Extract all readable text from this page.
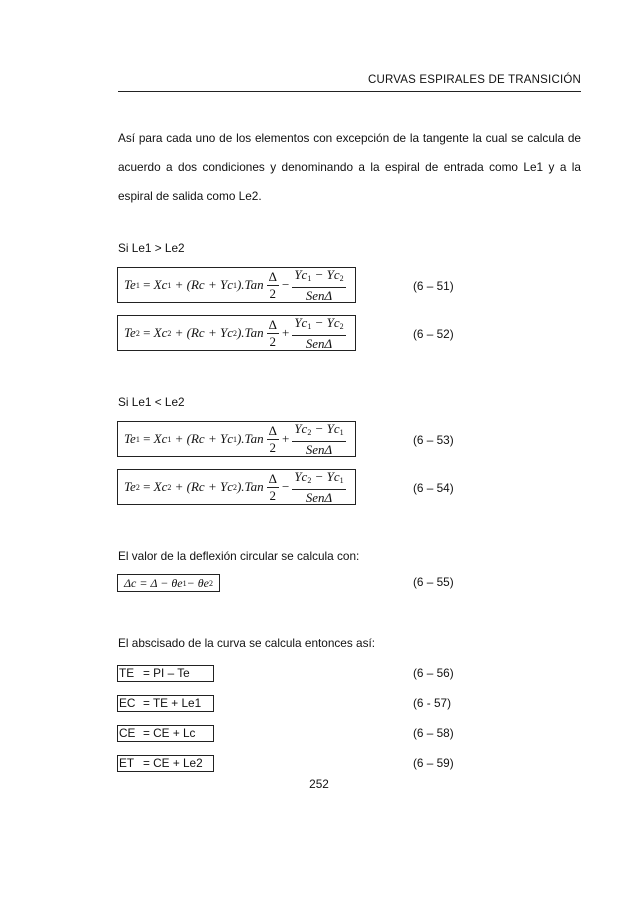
CURVAS ESPIRALES DE TRANSICIÓN
Así para cada uno de los elementos con excepción de la tangente la cual se calcula de acuerdo a dos condiciones y denominando a la espiral de entrada como Le1 y a la espiral de salida como Le2.
Si Le1 > Le2
Te 1 = Xc 1
+ (Rc + Yc 1 )$.Tan \frac{\Delta}{2} - \frac{Yc_1 - Yc_2}{\text{SenΔ}}$	(6 – 51)
Te 2 = Xc 2
+ (Rc + Yc 2 )$.Tan \frac{\Delta}{2} + \frac{Yc_1 - Yc_2}{\text{SenΔ}}$	(6 – 52)
Si Le1 < Le2
Te 1 = Xc 1
+ (Rc + Yc 1 )$.Tan \frac{\Delta}{2} + \frac{Yc_2 - Yc_1}{\text{SenΔ}}$	(6 – 53)
Te 2 = Xc 2
+ (Rc + Yc 2 )$.Tan \frac{\Delta}{2} - \frac{Yc_2 - Yc_1}{\text{SenΔ}}$	(6 – 54)
El valor de la deflexión circular se calcula con:
Δc = Δ − θe 1 − θe 2	(6 – 55)
El abscisado de la curva se calcula entonces así:
TE = PI – Te	(6 – 56)
EC = TE + Le1	(6 - 57)
CE = CE + Lc	(6 – 58)
ET = CE + Le2	(6 – 59)
252
